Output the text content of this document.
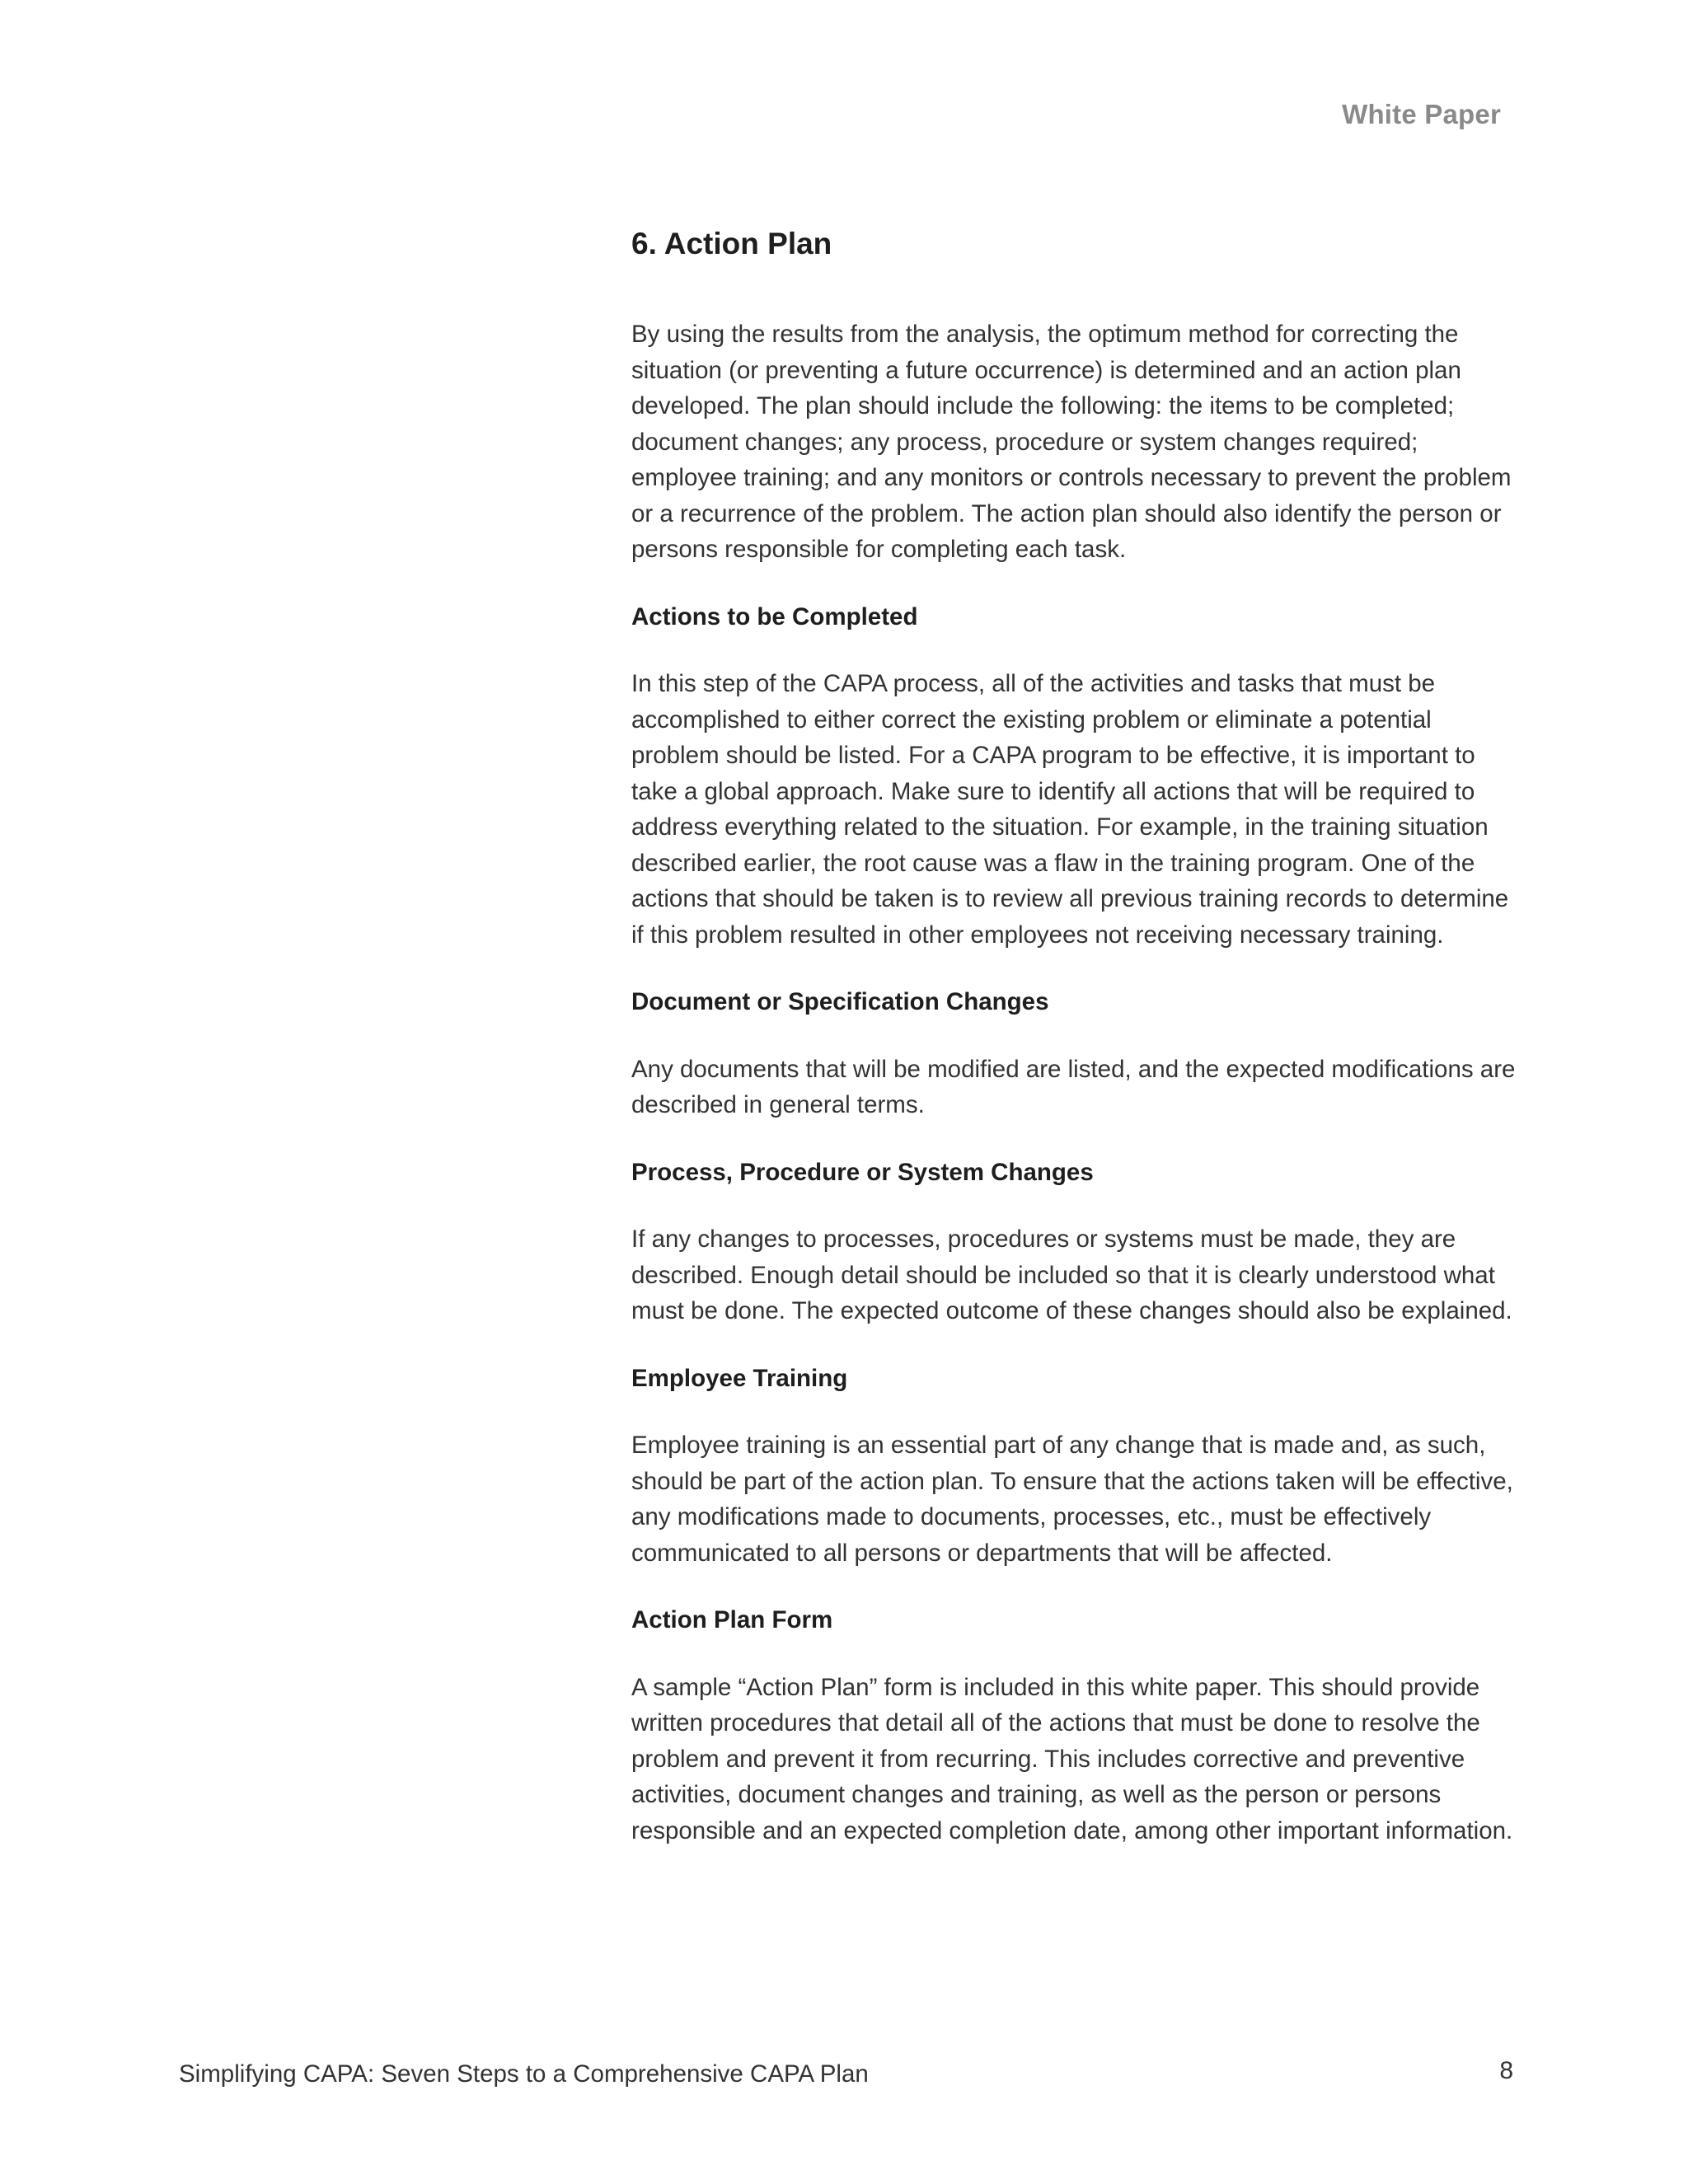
White Paper
6. Action Plan

By using the results from the analysis, the optimum method for correcting the situation (or preventing a future occurrence) is determined and an action plan developed. The plan should include the following: the items to be completed; document changes; any process, procedure or system changes required; employee training; and any monitors or controls necessary to prevent the problem or a recurrence of the problem. The action plan should also identify the person or persons responsible for completing each task.

Actions to be Completed

In this step of the CAPA process, all of the activities and tasks that must be accomplished to either correct the existing problem or eliminate a potential problem should be listed. For a CAPA program to be effective, it is important to take a global approach. Make sure to identify all actions that will be required to address everything related to the situation. For example, in the training situation described earlier, the root cause was a flaw in the training program. One of the actions that should be taken is to review all previous training records to determine if this problem resulted in other employees not receiving necessary training.

Document or Specification Changes

Any documents that will be modified are listed, and the expected modifications are described in general terms.

Process, Procedure or System Changes

If any changes to processes, procedures or systems must be made, they are described. Enough detail should be included so that it is clearly understood what must be done. The expected outcome of these changes should also be explained.

Employee Training

Employee training is an essential part of any change that is made and, as such, should be part of the action plan. To ensure that the actions taken will be effective, any modifications made to documents, processes, etc., must be effectively communicated to all persons or departments that will be affected.

Action Plan Form

A sample “Action Plan” form is included in this white paper. This should provide written procedures that detail all of the actions that must be done to resolve the problem and prevent it from recurring. This includes corrective and preventive activities, document changes and training, as well as the person or persons responsible and an expected completion date, among other important information.

Simplifying CAPA: Seven Steps to a Comprehensive CAPA Plan	8
